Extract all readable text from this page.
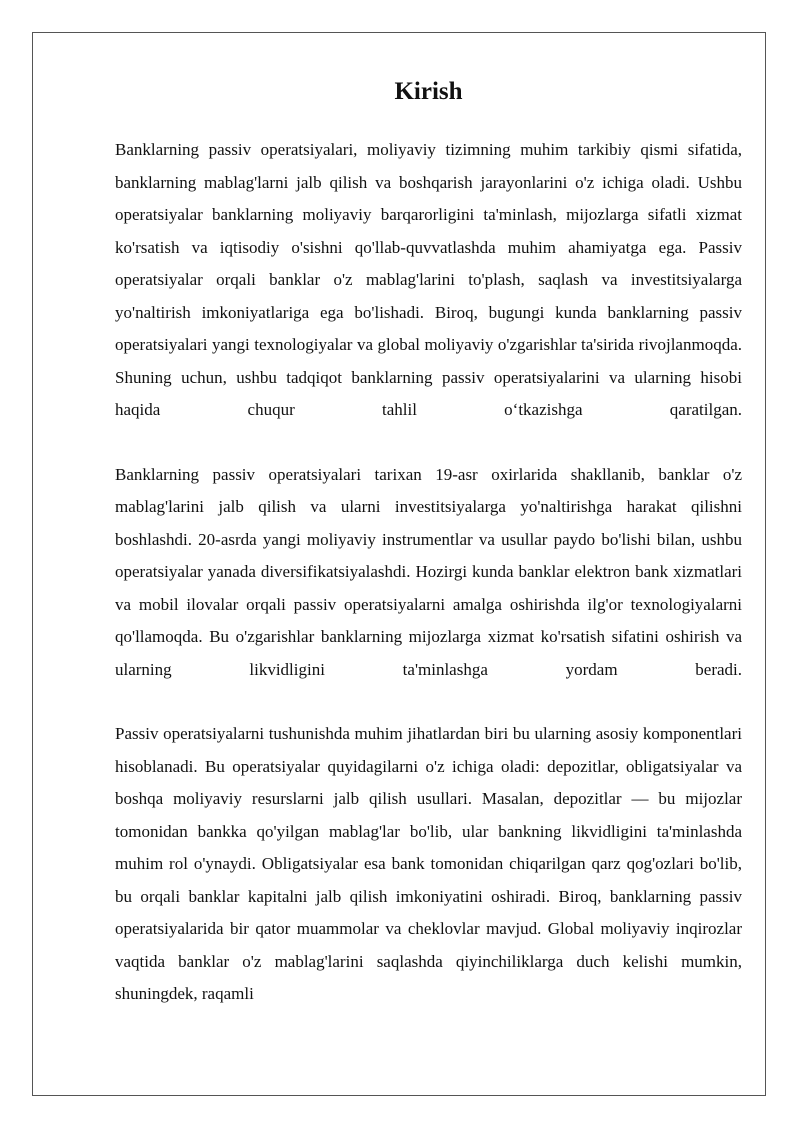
Kirish

Banklarning passiv operatsiyalari, moliyaviy tizimning muhim tarkibiy qismi sifatida, banklarning mablag'larni jalb qilish va boshqarish jarayonlarini o'z ichiga oladi. Ushbu operatsiyalar banklarning moliyaviy barqarorligini ta'minlash, mijozlarga sifatli xizmat ko'rsatish va iqtisodiy o'sishni qo'llab-quvvatlashda muhim ahamiyatga ega. Passiv operatsiyalar orqali banklar o'z mablag'larini to'plash, saqlash va investitsiyalarga yo'naltirish imkoniyatlariga ega bo'lishadi. Biroq, bugungi kunda banklarning passiv operatsiyalari yangi texnologiyalar va global moliyaviy o'zgarishlar ta'sirida rivojlanmoqda. Shuning uchun, ushbu tadqiqot banklarning passiv operatsiyalarini va ularning hisobi haqida chuqur tahlil o‘tkazishga qaratilgan.

Banklarning passiv operatsiyalari tarixan 19-asr oxirlarida shakllanib, banklar o'z mablag'larini jalb qilish va ularni investitsiyalarga yo'naltirishga harakat qilishni boshlashdi. 20-asrda yangi moliyaviy instrumentlar va usullar paydo bo'lishi bilan, ushbu operatsiyalar yanada diversifikatsiyalashdi. Hozirgi kunda banklar elektron bank xizmatlari va mobil ilovalar orqali passiv operatsiyalarni amalga oshirishda ilg'or texnologiyalarni qo'llamoqda. Bu o'zgarishlar banklarning mijozlarga xizmat ko'rsatish sifatini oshirish va ularning likvidligini ta'minlashga yordam beradi.

Passiv operatsiyalarni tushunishda muhim jihatlardan biri bu ularning asosiy komponentlari hisoblanadi. Bu operatsiyalar quyidagilarni o'z ichiga oladi: depozitlar, obligatsiyalar va boshqa moliyaviy resurslarni jalb qilish usullari. Masalan, depozitlar — bu mijozlar tomonidan bankka qo'yilgan mablag'lar bo'lib, ular bankning likvidligini ta'minlashda muhim rol o'ynaydi. Obligatsiyalar esa bank tomonidan chiqarilgan qarz qog'ozlari bo'lib, bu orqali banklar kapitalni jalb qilish imkoniyatini oshiradi. Biroq, banklarning passiv operatsiyalarida bir qator muammolar va cheklovlar mavjud. Global moliyaviy inqirozlar vaqtida banklar o'z mablag'larini saqlashda qiyinchiliklarga duch kelishi mumkin, shuningdek, raqamli
